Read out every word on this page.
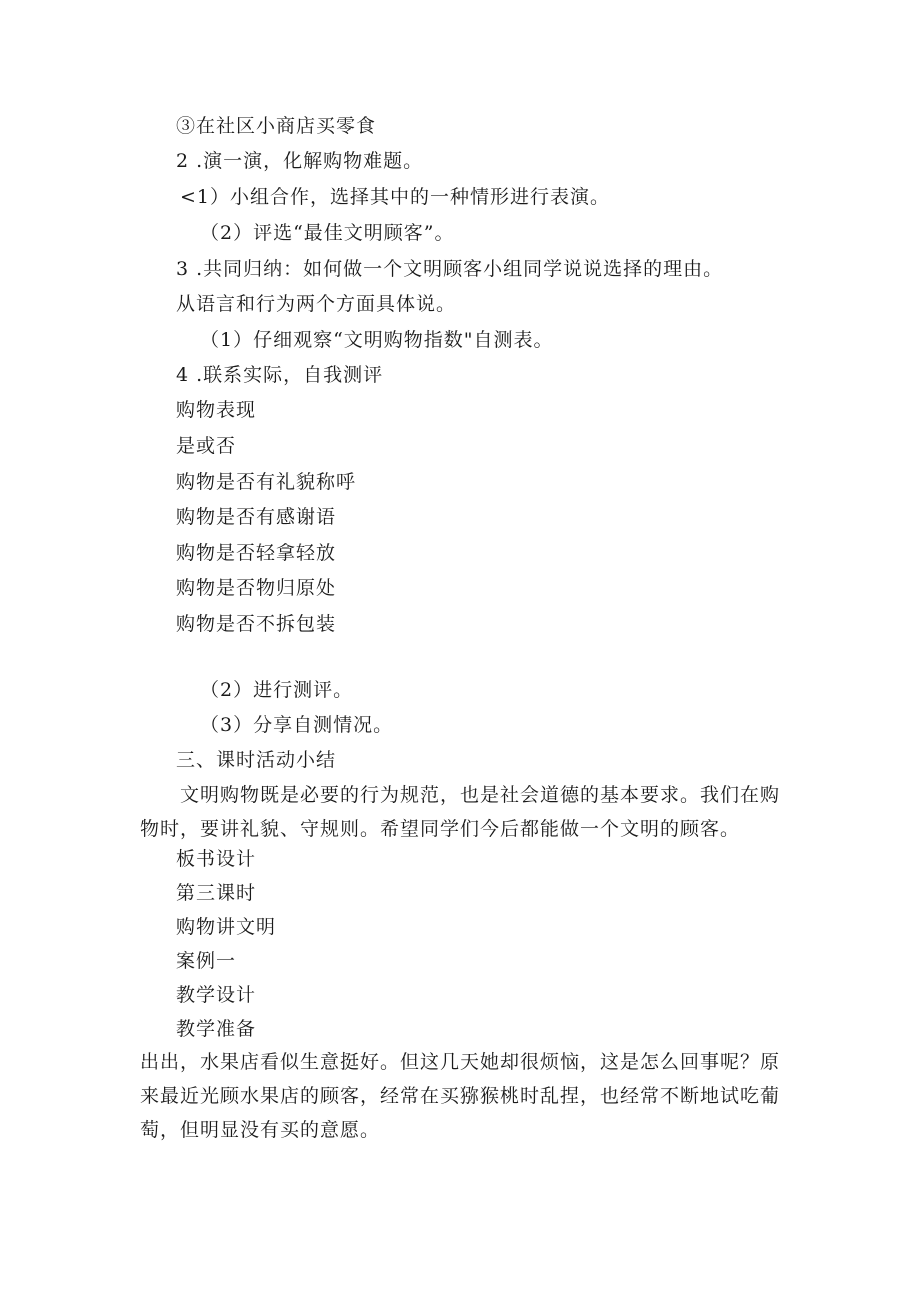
③在社区小商店买零食
2 .演一演，化解购物难题。
<1）小组合作，选择其中的一种情形进行表演。
（2）评选“最佳文明顾客”。
3 .共同归纳：如何做一个文明顾客小组同学说说选择的理由。
从语言和行为两个方面具体说。
（1）仔细观察“文明购物指数"自测表。
4 .联系实际，自我测评
购物表现
是或否
购物是否有礼貌称呼
购物是否有感谢语
购物是否轻拿轻放
购物是否物归原处
购物是否不拆包装
（2）进行测评。
（3）分享自测情况。
三、课时活动小结
文明购物既是必要的行为规范，也是社会道德的基本要求。我们在购物时，要讲礼貌、守规则。希望同学们今后都能做一个文明的顾客。
板书设计
第三课时
购物讲文明
案例一
教学设计
教学准备
出出，水果店看似生意挺好。但这几天她却很烦恼，这是怎么回事呢？原来最近光顾水果店的顾客，经常在买猕猴桃时乱捏，也经常不断地试吃葡萄，但明显没有买的意愿。
